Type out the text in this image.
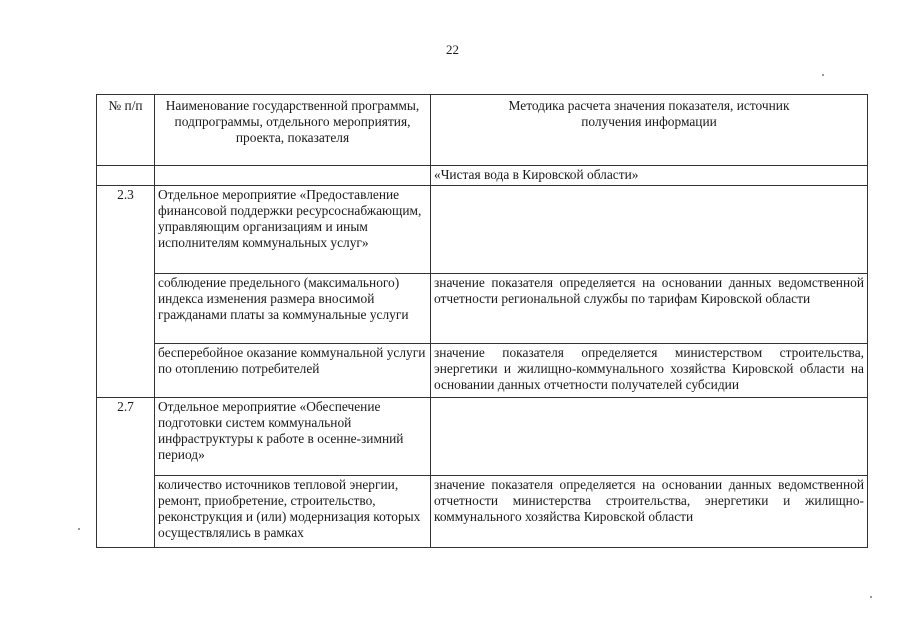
22
№ п/п	Наименование государственной программы, подпрограммы, отдельного мероприятия, проекта, показателя	Методика расчета значения показателя, источник получения информации
		«Чистая вода в Кировской области»
2.3	Отдельное мероприятие «Предоставление финансовой поддержки ресурсоснабжающим, управляющим организациям и иным исполнителям коммунальных услуг»	
	соблюдение предельного (максимального) индекса изменения размера вносимой гражданами платы за коммунальные услуги	значение показателя определяется на основании данных ведомственной отчетности региональной службы по тарифам Кировской области
	бесперебойное оказание коммунальной услуги по отоплению потребителей	значение показателя определяется министерством строительства, энергетики и жилищно-коммунального хозяйства Кировской области на основании данных отчетности получателей субсидии
2.7	Отдельное мероприятие «Обеспечение подготовки систем коммунальной инфраструктуры к работе в осенне-зимний период»	
	количество источников тепловой энергии, ремонт, приобретение, строительство, реконструкция и (или) модернизация которых осуществлялись в рамках	значение показателя определяется на основании данных ведомственной отчетности министерства строительства, энергетики и жилищно-коммунального хозяйства Кировской области
